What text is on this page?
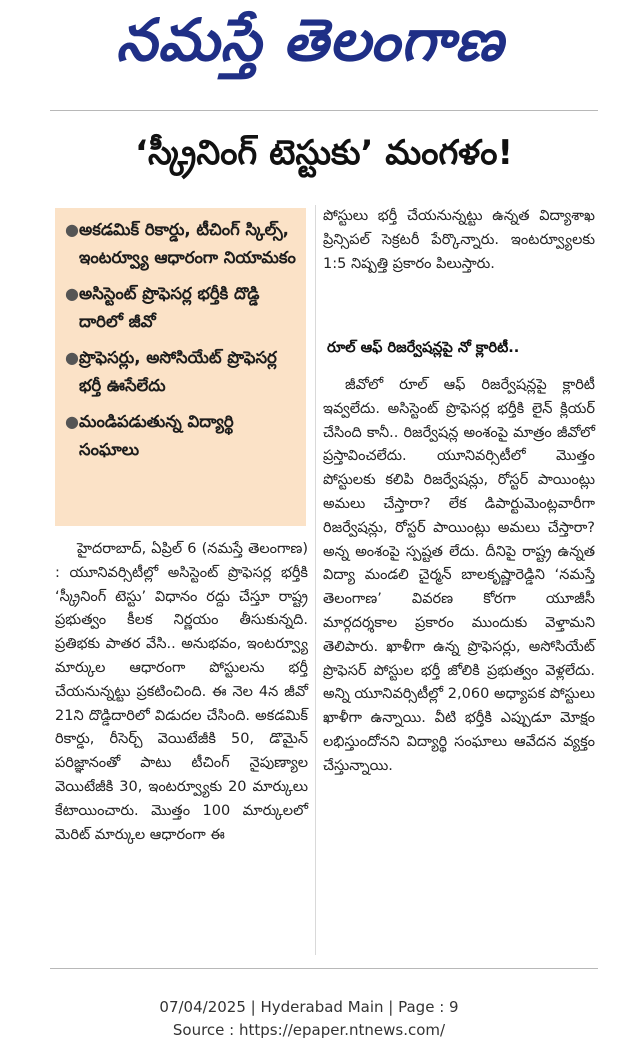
నమస్తే తెలంగాణ
‘స్క్రీనింగ్ టెస్టుకు’ మంగళం!
● అకడమిక్ రికార్డు, టీచింగ్ స్కిల్స్, ఇంటర్వ్యూ ఆధారంగా నియామకం
● అసిస్టెంట్ ప్రొఫెసర్ల భర్తీకి దొడ్డి దారిలో జీవో
● ప్రొఫెసర్లు, అసోసియేట్ ప్రొఫెసర్ల భర్తీ ఊసేలేదు
● మండిపడుతున్న విద్యార్థి సంఘాలు

హైదరాబాద్, ఏప్రిల్ 6 (నమస్తే తెలంగాణ) : యూనివర్సిటీల్లో అసిస్టెంట్ ప్రొఫెసర్ల భర్తీకి ‘స్క్రీనింగ్ టెస్టు’ విధానం రద్దు చేస్తూ రాష్ట్ర ప్రభుత్వం కీలక నిర్ణయం తీసుకున్నది. ప్రతిభకు పాతర వేసి.. అనుభవం, ఇంటర్వ్యూ మార్కుల ఆధారంగా పోస్టులను భర్తీ చేయనున్నట్టు ప్రకటించింది. ఈ నెల 4న జీవో 21ని దొడ్డిదారిలో విడుదల చేసింది. అకడమిక్ రికార్డు, రీసెర్చ్ వెయిటేజీకి 50, డొమైన్ పరిజ్ఞానంతో పాటు టీచింగ్ నైపుణ్యాల వెయిటేజీకి 30, ఇంటర్వ్యూకు 20 మార్కులు కేటాయించారు. మొత్తం 100 మార్కులలో మెరిట్ మార్కుల ఆధారంగా ఈ

పోస్టులు భర్తీ చేయనున్నట్టు ఉన్నత విద్యాశాఖ ప్రిన్సిపల్ సెక్రటరీ పేర్కొన్నారు. ఇంటర్వ్యూలకు 1:5 నిష్పత్తి ప్రకారం పిలుస్తారు.

రూల్ ఆఫ్ రిజర్వేషన్లపై నో క్లారిటీ..

జీవోలో రూల్ ఆఫ్ రిజర్వేషన్లపై క్లారిటీ ఇవ్వలేదు. అసిస్టెంట్ ప్రొఫెసర్ల భర్తీకి లైన్ క్లియర్ చేసింది కానీ.. రిజర్వేషన్ల అంశంపై మాత్రం జీవోలో ప్రస్తావించలేదు. యూనివర్సిటీలో మొత్తం పోస్టులకు కలిపి రిజర్వేషన్లు, రోస్టర్ పాయింట్లు అమలు చేస్తారా? లేక డిపార్టుమెంట్లవారీగా రిజర్వేషన్లు, రోస్టర్ పాయింట్లు అమలు చేస్తారా? అన్న అంశంపై స్పష్టత లేదు. దీనిపై రాష్ట్ర ఉన్నత విద్యా మండలి చైర్మన్ బాలకృష్ణారెడ్డిని ‘నమస్తే తెలంగాణ’ వివరణ కోరగా యూజీసీ మార్గదర్శకాల ప్రకారం ముందుకు వెళ్తామని తెలిపారు. ఖాళీగా ఉన్న ప్రొఫెసర్లు, అసోసియేట్ ప్రొఫెసర్ పోస్టుల భర్తీ జోలికి ప్రభుత్వం వెళ్లలేదు. అన్ని యూనివర్సిటీల్లో 2,060 అధ్యాపక పోస్టులు ఖాళీగా ఉన్నాయి. వీటి భర్తీకి ఎప్పుడూ మోక్షం లభిస్తుందోనని విద్యార్థి సంఘాలు ఆవేదన వ్యక్తం చేస్తున్నాయి.

07/04/2025 | Hyderabad Main | Page : 9
Source : https://epaper.ntnews.com/
